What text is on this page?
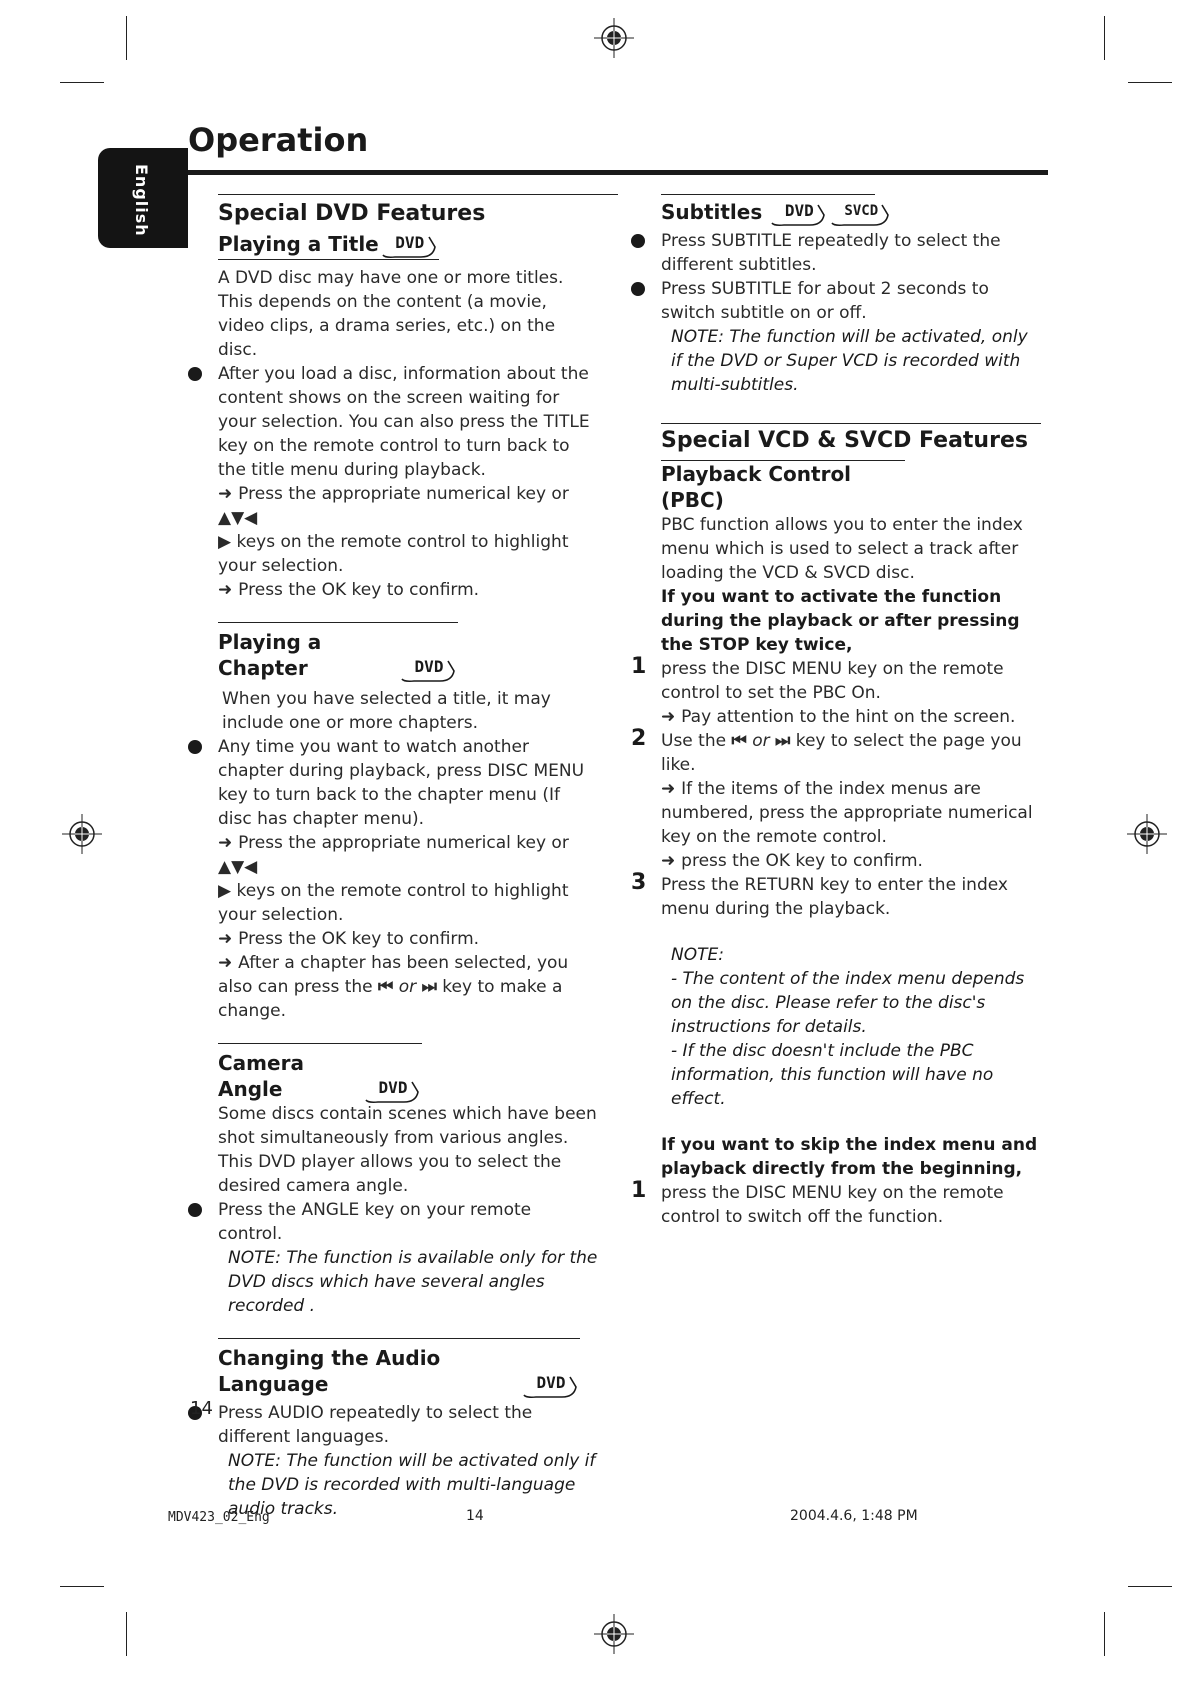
English
Operation
Special DVD Features
Playing a Title	DVD

A DVD disc may have one or more titles. This depends on the content (a movie, video clips, a drama series, etc.) on the disc.

After you load a disc, information about the content shows on the screen waiting for your selection. You can also press the TITLE key on the remote control to turn back to the title menu during playback.

➜ Press the appropriate numerical key or ▲▼◀

▶ keys on the remote control to highlight your selection.

➜ Press the OK key to confirm.

Playing a Chapter	DVD

When you have selected a title, it may include one or more chapters.

Any time you want to watch another chapter during playback, press DISC MENU key to turn back to the chapter menu (If disc has chapter menu).

➜ Press the appropriate numerical key or ▲▼◀

▶ keys on the remote control to highlight your selection.

➜ Press the OK key to confirm.

➜ After a chapter has been selected, you also can press the ⏮ or ⏭ key to make a change.

Camera Angle	DVD

Some discs contain scenes which have been shot simultaneously from various angles.

This DVD player allows you to select the desired camera angle.

Press the ANGLE key on your remote control.

NOTE: The function is available only for the DVD discs which have several angles recorded .

Changing the Audio Language	DVD

Press AUDIO repeatedly to select the different languages.

NOTE: The function will be activated only if the DVD is recorded with multi-language audio tracks.

Subtitles	DVD	SVCD

Press SUBTITLE repeatedly to select the different subtitles.

Press SUBTITLE for about 2 seconds to switch subtitle on or off.

NOTE: The function will be activated, only if the DVD or Super VCD is recorded with multi-subtitles.

Special VCD & SVCD Features
Playback Control (PBC)

PBC function allows you to enter the index menu which is used to select a track after loading the VCD & SVCD disc.

If you want to activate the function during the playback or after pressing the STOP key twice,

1 press the DISC MENU key on the remote control to set the PBC On.

➜ Pay attention to the hint on the screen.

2 Use the ⏮ or ⏭ key to select the page you like.

➜ If the items of the index menus are numbered, press the appropriate numerical key on the remote control.

➜ press the OK key to confirm.

3 Press the RETURN key to enter the index menu during the playback.

NOTE:

- The content of the index menu depends on the disc. Please refer to the disc's instructions for details.

- If the disc doesn't include the PBC information, this function will have no effect.

If you want to skip the index menu and playback directly from the beginning,

1 press the DISC MENU key on the remote control to switch off the function.

14
MDV423_02_Eng	14	2004.4.6, 1:48 PM
